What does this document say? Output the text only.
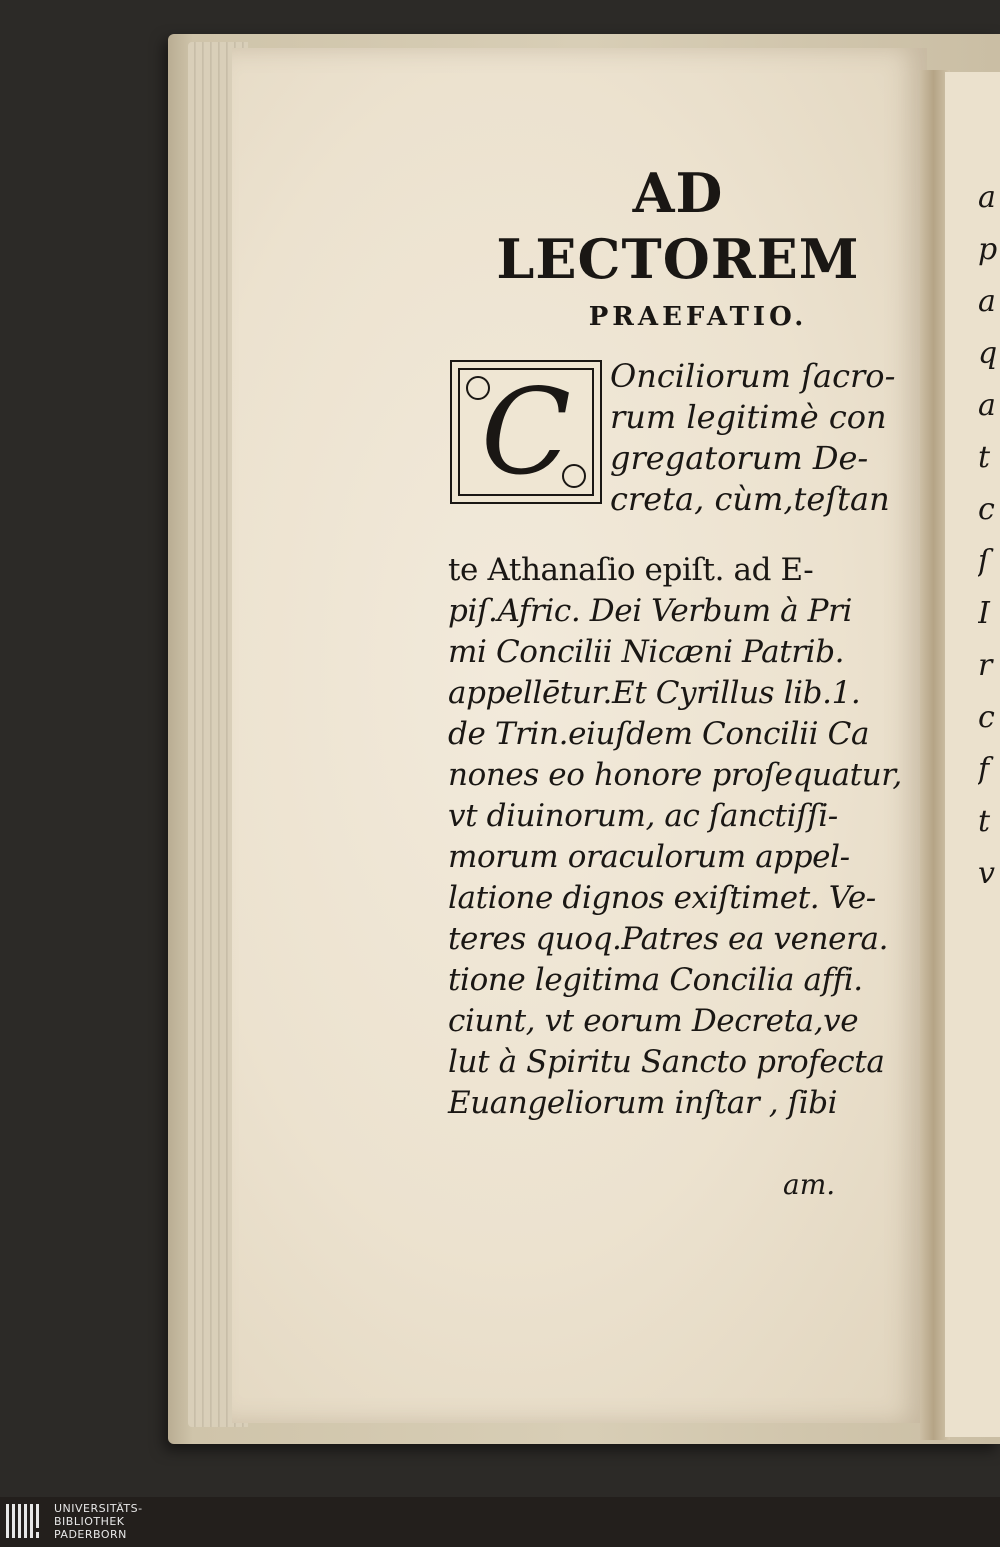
AD LECTOREM
PRAEFATIO.
C Onciliorum ſacro-
rum legitimè con
gregatorum De-
creta, cùm,teſtan
te Athanaſio epiſt. ad E-
piſ.Afric. Dei Verbum à Pri
mi Concilii Nicæni Patrib.
appellētur.Et Cyrillus lib.1.
de Trin.eiuſdem Concilii Ca
nones eo honore proſequatur,
vt diuinorum, ac ſanctiſſi-
morum oraculorum appel-
latione dignos exiſtimet. Ve-
teres quoq.Patres ea venera.
tione legitima Concilia affi.
ciunt, vt eorum Decreta,ve
lut à Spiritu Sancto profecta
Euangeliorum inſtar , ſibi
am.
a
p
a
q
a
t
c
ſ
I
r
c
f
t
v
UNIVERSITÄTS-
BIBLIOTHEK
PADERBORN
